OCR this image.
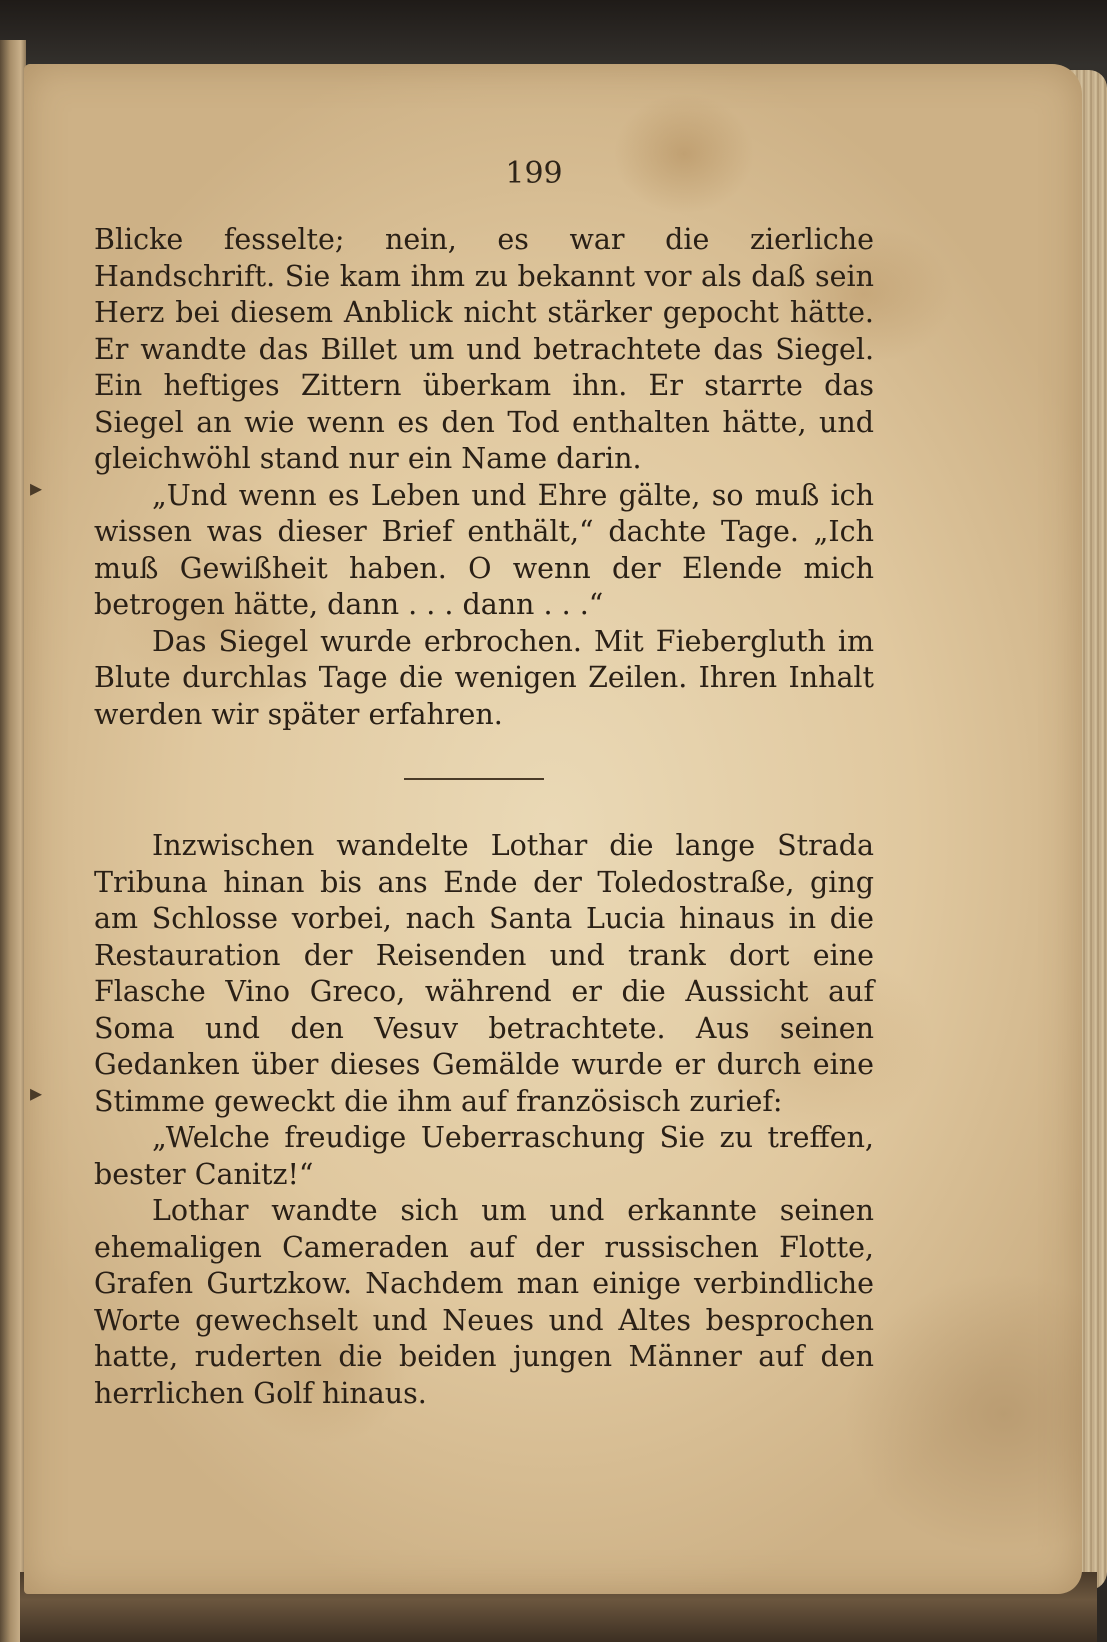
199

Blicke fesselte; nein, es war die zierliche Handschrift. Sie kam ihm zu bekannt vor als daß sein Herz bei diesem Anblick nicht stärker gepocht hätte. Er wandte das Billet um und betrachtete das Siegel. Ein heftiges Zittern überkam ihn. Er starrte das Siegel an wie wenn es den Tod enthalten hätte, und gleichwöhl stand nur ein Name darin.

„Und wenn es Leben und Ehre gälte, so muß ich wissen was dieser Brief enthält,“ dachte Tage. „Ich muß Gewißheit haben. O wenn der Elende mich betrogen hätte, dann . . . dann . . .“

Das Siegel wurde erbrochen. Mit Fiebergluth im Blute durchlas Tage die wenigen Zeilen. Ihren Inhalt werden wir später erfahren.

Inzwischen wandelte Lothar die lange Strada Tribuna hinan bis ans Ende der Toledostraße, ging am Schlosse vorbei, nach Santa Lucia hinaus in die Restauration der Reisenden und trank dort eine Flasche Vino Greco, während er die Aussicht auf Soma und den Vesuv betrachtete. Aus seinen Gedanken über dieses Gemälde wurde er durch eine Stimme geweckt die ihm auf französisch zurief:

„Welche freudige Ueberraschung Sie zu treffen, bester Canitz!“

Lothar wandte sich um und erkannte seinen ehemaligen Cameraden auf der russischen Flotte, Grafen Gurtzkow. Nachdem man einige verbindliche Worte gewechselt und Neues und Altes besprochen hatte, ruderten die beiden jungen Männer auf den herrlichen Golf hinaus.

▸
▸
